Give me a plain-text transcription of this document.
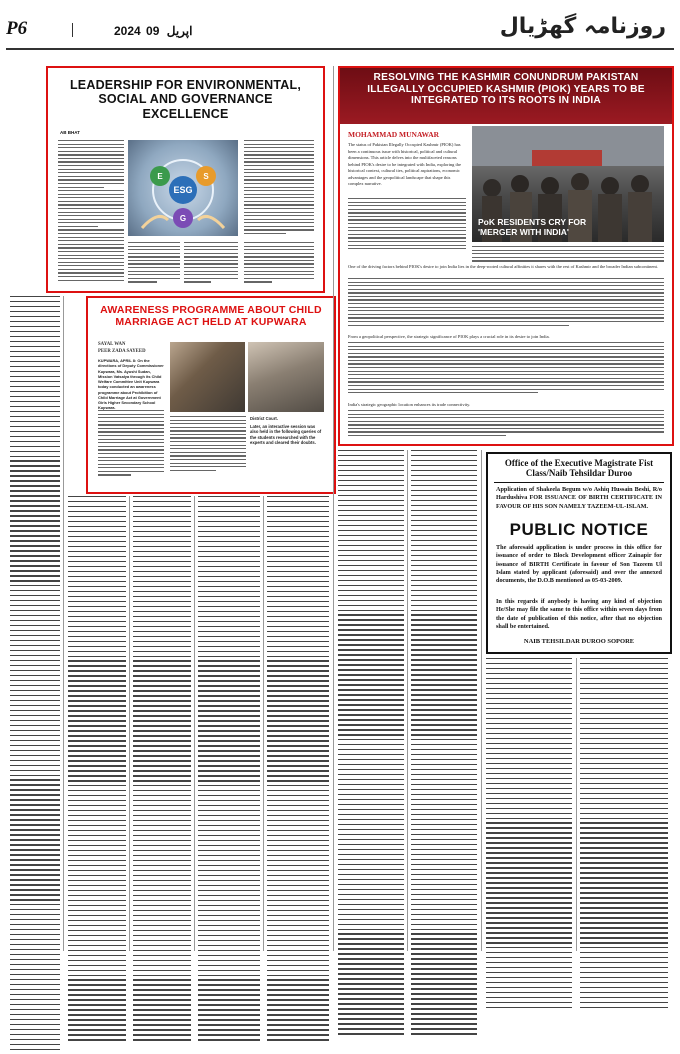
P6	2024 اپریل 09	روزنامہ گھڑیال
LEADERSHIP FOR ENVIRONMENTAL, SOCIAL AND GOVERNANCE EXCELLENCE
AB BHAT
ESG
E	S
G
AWARENESS PROGRAMME ABOUT CHILD MARRIAGE ACT HELD AT KUPWARA
SAYAL WAN
PEER ZADA SAYEED
KUPWARA, APRIL 8: On the directions of Deputy Commissioner Kupwara, Ms. Ayushi Sudan, Mission Vatsalya through its Child Welfare Committee Unit Kupwara today conducted an awareness programme about Prohibition of Child Marriage Act at Government Girls Higher Secondary School Kupwara.
District Court.
Later, an interactive session was also held in the following queries of the students researched with the experts and cleared their doubts.
RESOLVING THE KASHMIR CONUNDRUM PAKISTAN ILLEGALLY OCCUPIED KASHMIR (PIOK) YEARS TO BE INTEGRATED TO ITS ROOTS IN INDIA
MOHAMMAD MUNAWAR
The status of Pakistan Illegally Occupied Kashmir (PIOK) has been a continuous issue with historical, political and cultural dimensions. This article delves into the multifaceted reasons behind PIOK's desire to be integrated with India, exploring the historical context, cultural ties, political aspirations, economic advantages and the geopolitical landscape that shape this complex narrative.
PoK RESIDENTS CRY FOR 'MERGER WITH INDIA'
One of the driving factors behind PIOK's desire to join India lies in the deep-rooted cultural affinities it shares with the rest of Kashmir and the broader Indian subcontinent.
From a geopolitical perspective, the strategic significance of PIOK plays a crucial role in its desire to join India.
India's strategic geographic location enhances its trade connectivity.
Office of the Executive Magistrate Fist Class/Naib Tehsildar Duroo
Application of Shakeela Begum w/o Ashiq Hussain Beshi, R/o Hardushiva FOR ISSUANCE OF BIRTH CERTIFICATE IN FAVOUR OF HIS SON NAMELY TAZEEM-UL-ISLAM.
PUBLIC NOTICE
The aforesaid application is under process in this office for issuance of order to Block Development officer Zainapir for issuance of BIRTH Certificate in favour of Son Tazeem Ul Islam stated by applicant (aforesaid) and over the annexed documents, the D.O.B mentioned as 05-03-2009.
In this regards if anybody is having any kind of objection He/She may file the same to this office within seven days from the date of publication of this notice, after that no objection shall be entertained.
NAIB TEHSILDAR DUROO SOPORE
